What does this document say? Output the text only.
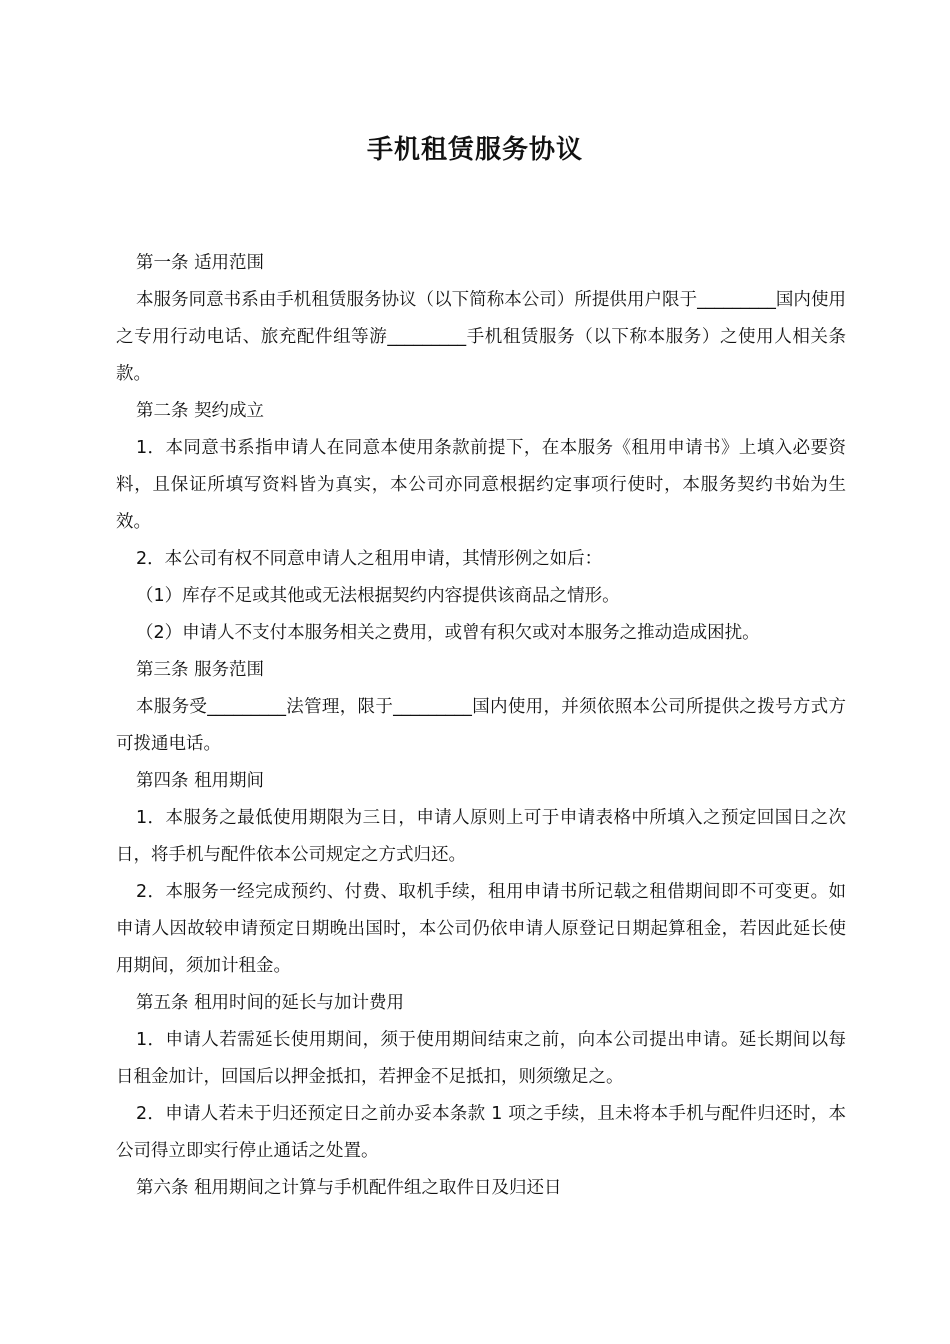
手机租赁服务协议

第一条 适用范围

本服务同意书系由手机租赁服务协议（以下简称本公司）所提供用户限于_________国内使用之专用行动电话、旅充配件组等游_________手机租赁服务（以下称本服务）之使用人相关条款。

第二条 契约成立

1．本同意书系指申请人在同意本使用条款前提下，在本服务《租用申请书》上填入必要资料，且保证所填写资料皆为真实，本公司亦同意根据约定事项行使时，本服务契约书始为生效。

2．本公司有权不同意申请人之租用申请，其情形例之如后：

（1）库存不足或其他或无法根据契约内容提供该商品之情形。

（2）申请人不支付本服务相关之费用，或曾有积欠或对本服务之推动造成困扰。

第三条 服务范围

本服务受_________法管理，限于_________国内使用，并须依照本公司所提供之拨号方式方可拨通电话。

第四条 租用期间

1．本服务之最低使用期限为三日，申请人原则上可于申请表格中所填入之预定回国日之次日，将手机与配件依本公司规定之方式归还。

2．本服务一经完成预约、付费、取机手续，租用申请书所记载之租借期间即不可变更。如申请人因故较申请预定日期晚出国时，本公司仍依申请人原登记日期起算租金，若因此延长使用期间，须加计租金。

第五条 租用时间的延长与加计费用

1．申请人若需延长使用期间，须于使用期间结束之前，向本公司提出申请。延长期间以每日租金加计，回国后以押金抵扣，若押金不足抵扣，则须缴足之。

2．申请人若未于归还预定日之前办妥本条款 1 项之手续，且未将本手机与配件归还时，本公司得立即实行停止通话之处置。

第六条 租用期间之计算与手机配件组之取件日及归还日
